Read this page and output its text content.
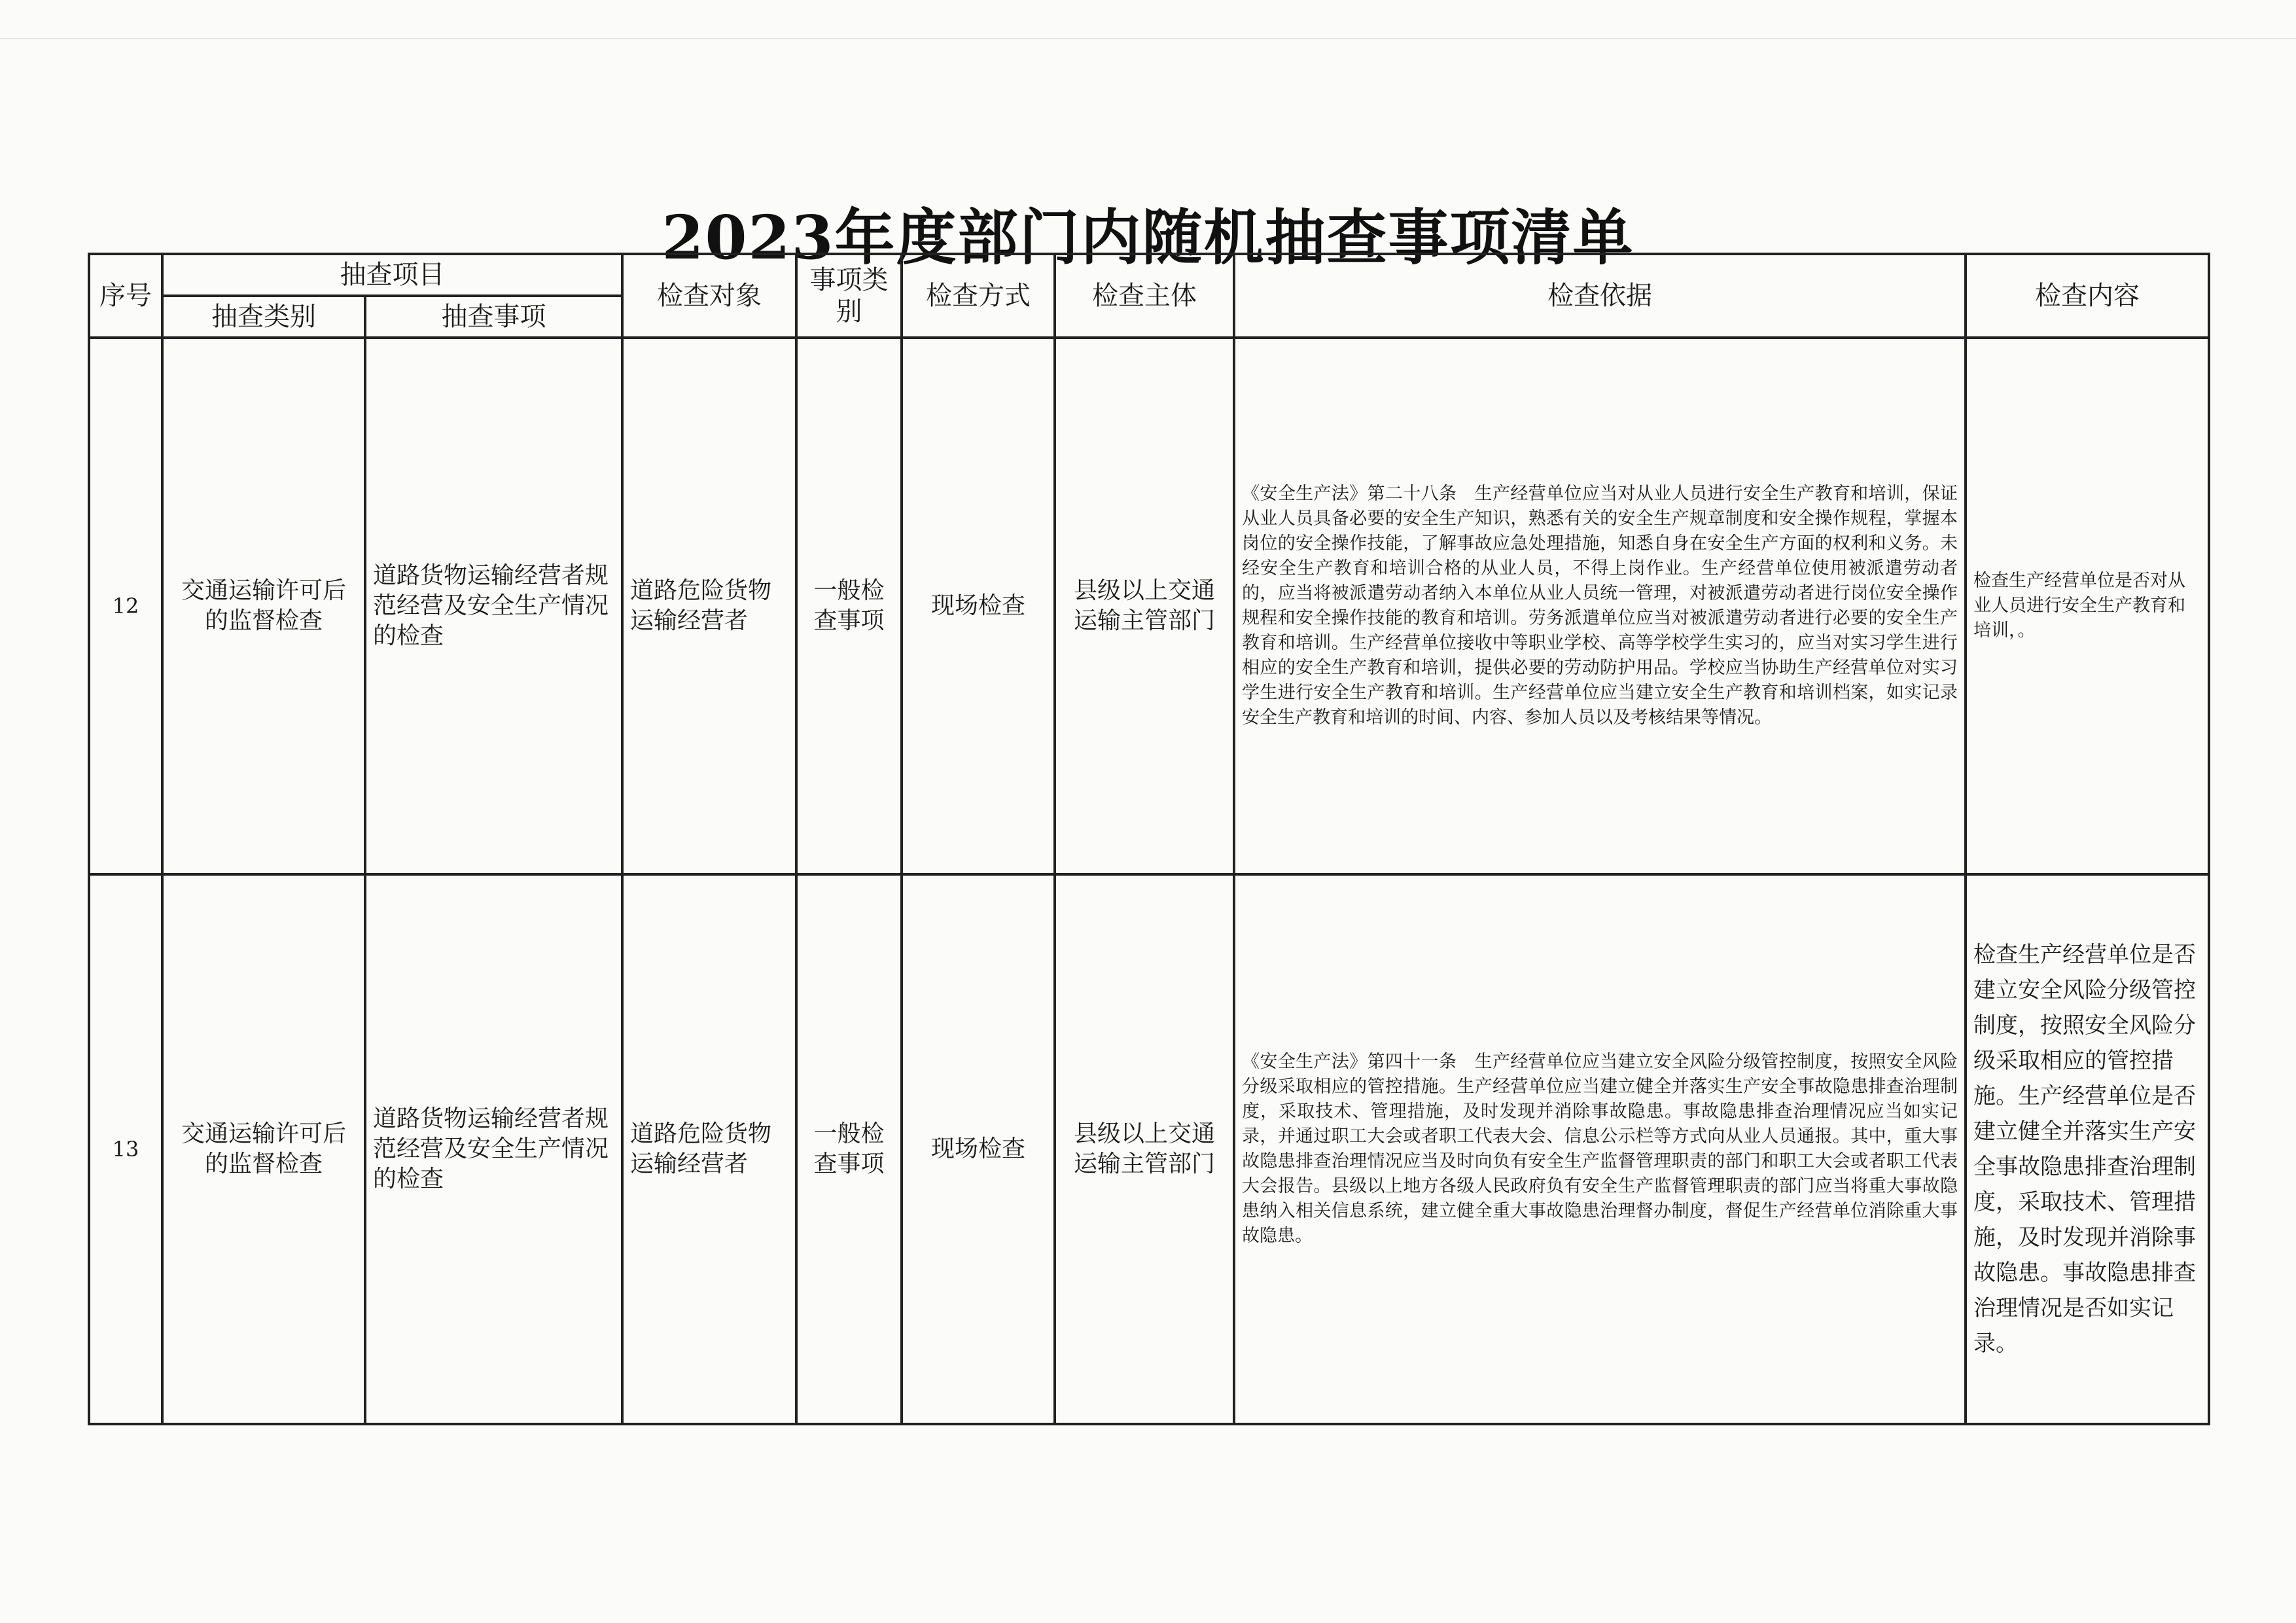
2023年度部门内随机抽查事项清单
序号	抽查项目		检查对象	事项类别	检查方式	检查主体	检查依据	检查内容
	抽查类别	抽查事项						
12	交通运输许可后的监督检查	道路货物运输经营者规范经营及安全生产情况的检查	道路危险货物运输经营者	一般检查事项	现场检查	县级以上交通运输主管部门	《安全生产法》第二十八条　生产经营单位应当对从业人员进行安全生产教育和培训，保证从业人员具备必要的安全生产知识，熟悉有关的安全生产规章制度和安全操作规程，掌握本岗位的安全操作技能，了解事故应急处理措施，知悉自身在安全生产方面的权利和义务。未经安全生产教育和培训合格的从业人员，不得上岗作业。生产经营单位使用被派遣劳动者的，应当将被派遣劳动者纳入本单位从业人员统一管理，对被派遣劳动者进行岗位安全操作规程和安全操作技能的教育和培训。劳务派遣单位应当对被派遣劳动者进行必要的安全生产教育和培训。生产经营单位接收中等职业学校、高等学校学生实习的，应当对实习学生进行相应的安全生产教育和培训，提供必要的劳动防护用品。学校应当协助生产经营单位对实习学生进行安全生产教育和培训。生产经营单位应当建立安全生产教育和培训档案，如实记录安全生产教育和培训的时间、内容、参加人员以及考核结果等情况。	检查生产经营单位是否对从业人员进行安全生产教育和培训，。
13	交通运输许可后的监督检查	道路货物运输经营者规范经营及安全生产情况的检查	道路危险货物运输经营者	一般检查事项	现场检查	县级以上交通运输主管部门	《安全生产法》第四十一条　生产经营单位应当建立安全风险分级管控制度，按照安全风险分级采取相应的管控措施。生产经营单位应当建立健全并落实生产安全事故隐患排查治理制度，采取技术、管理措施，及时发现并消除事故隐患。事故隐患排查治理情况应当如实记录，并通过职工大会或者职工代表大会、信息公示栏等方式向从业人员通报。其中，重大事故隐患排查治理情况应当及时向负有安全生产监督管理职责的部门和职工大会或者职工代表大会报告。县级以上地方各级人民政府负有安全生产监督管理职责的部门应当将重大事故隐患纳入相关信息系统，建立健全重大事故隐患治理督办制度，督促生产经营单位消除重大事故隐患。	检查生产经营单位是否建立安全风险分级管控制度，按照安全风险分级采取相应的管控措施。生产经营单位是否建立健全并落实生产安全事故隐患排查治理制度，采取技术、管理措施，及时发现并消除事故隐患。事故隐患排查治理情况是否如实记录。
